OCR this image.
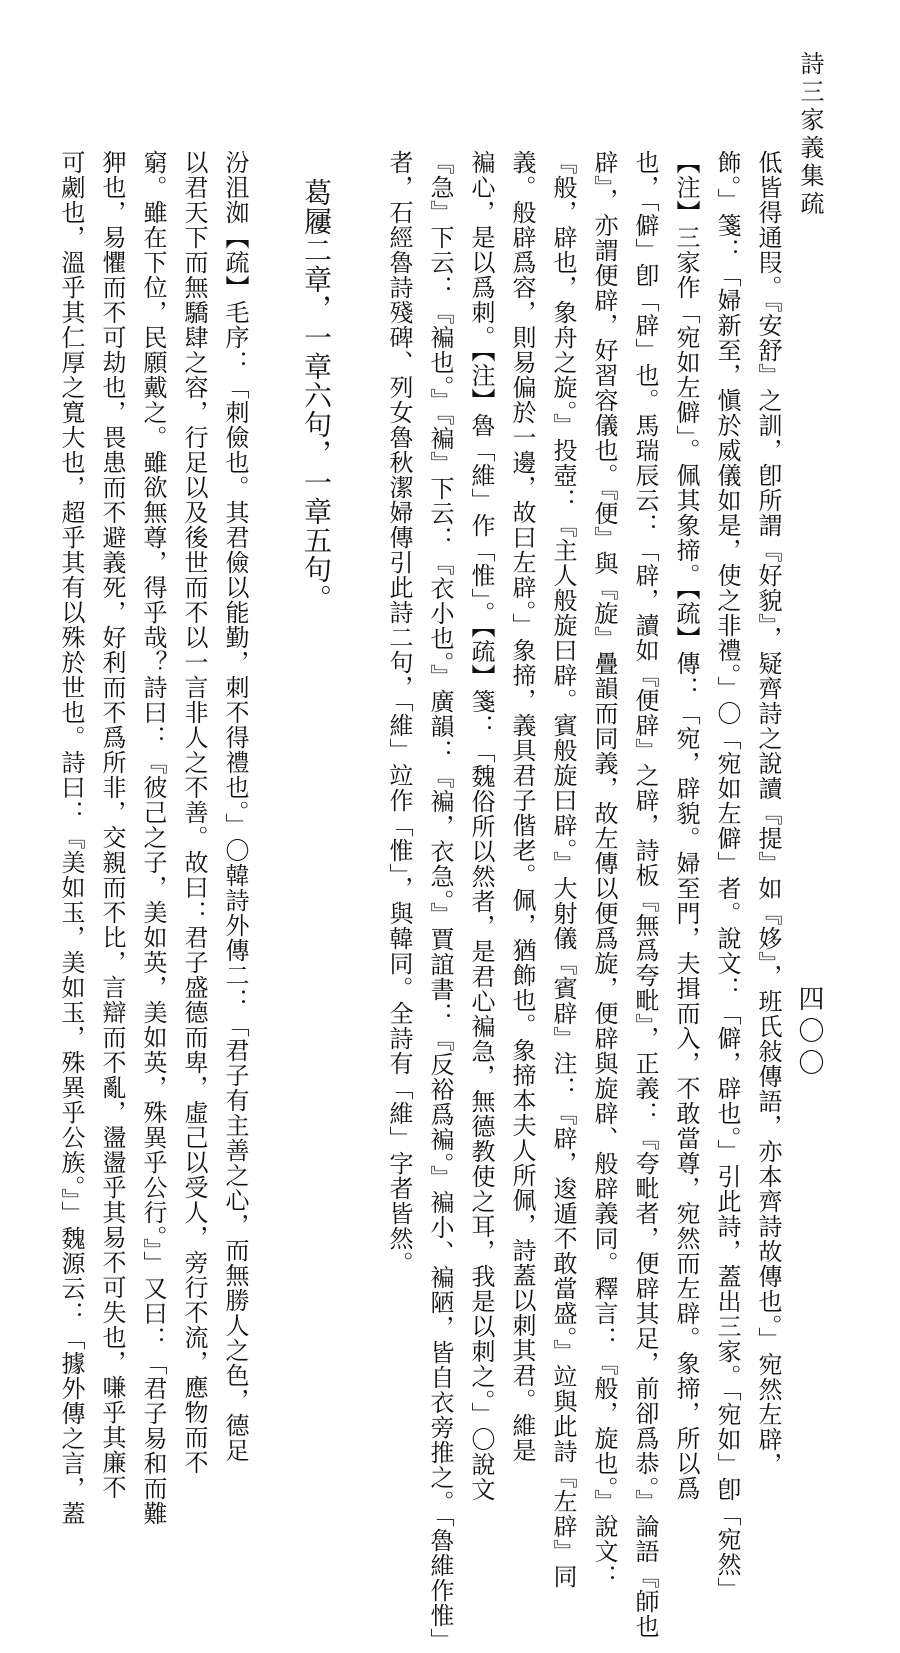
詩三家義集疏
四〇〇
低皆得通叚。『安舒』之訓，卽所謂『好貌』，疑齊詩之說讀『提』如『姼』，班氏敍傳語，亦本齊詩故傳也。」宛然左辟，
飾。」箋：「婦新至，愼於威儀如是，使之非禮。」〇「宛如左僻」者。說文：「僻，辟也。」引此詩，蓋出三家。「宛如」卽「宛然」
【注】三家作「宛如左僻」。佩其象揥。【疏】傳：「宛，辟貌。婦至門，夫揖而入，不敢當尊，宛然而左辟。象揥，所以爲
也，「僻」卽「辟」也。馬瑞辰云：「辟，讀如『便辟』之辟，詩板『無爲夸毗』，正義：『夸毗者，便辟其足，前卻爲恭。』論語『師也
辟』，亦謂便辟，好習容儀也。『便』與『旋』疊韻而同義，故左傳以便爲旋，便辟與旋辟、般辟義同。釋言：『般，旋也。』說文：
『般，辟也，象舟之旋。』投壺：『主人般旋曰辟。賓般旋曰辟。』大射儀『賓辟』注：『辟，逡遁不敢當盛。』竝與此詩『左辟』同
義。般辟爲容，則易偏於一邊，故曰左辟。」象揥，義具君子偕老。佩，猶飾也。象揥本夫人所佩，詩蓋以刺其君。維是
褊心，是以爲刺。【注】魯「維」作「惟」。【疏】箋：「魏俗所以然者，是君心褊急，無德教使之耳，我是以刺之。」〇說文
『急』下云：『褊也。』『褊』下云：『衣小也。』廣韻：『褊，衣急。』賈誼書：『反裕爲褊。』褊小、褊陋，皆自衣旁推之。「魯維作惟」
者，石經魯詩殘碑、列女魯秋潔婦傳引此詩二句，「維」竝作「惟」，與韓同。全詩有「維」字者皆然。
葛屨二章，一章六句，一章五句。
汾沮洳【疏】毛序：「刺儉也。其君儉以能勤，刺不得禮也。」〇韓詩外傳二：「君子有主善之心，而無勝人之色，德足
以君天下而無驕肆之容，行足以及後世而不以一言非人之不善。故曰：君子盛德而卑，虛己以受人，旁行不流，應物而不
窮。雖在下位，民願戴之。雖欲無尊，得乎哉？詩曰：『彼己之子，美如英，美如英，殊異乎公行。』」又曰：「君子易和而難
狎也，易懼而不可劫也，畏患而不避義死，好利而不爲所非，交親而不比，言辯而不亂，盪盪乎其易不可失也，嗛乎其廉不
可劌也，溫乎其仁厚之寬大也，超乎其有以殊於世也。詩曰：『美如玉，美如玉，殊異乎公族。』」魏源云：「據外傳之言，蓋
